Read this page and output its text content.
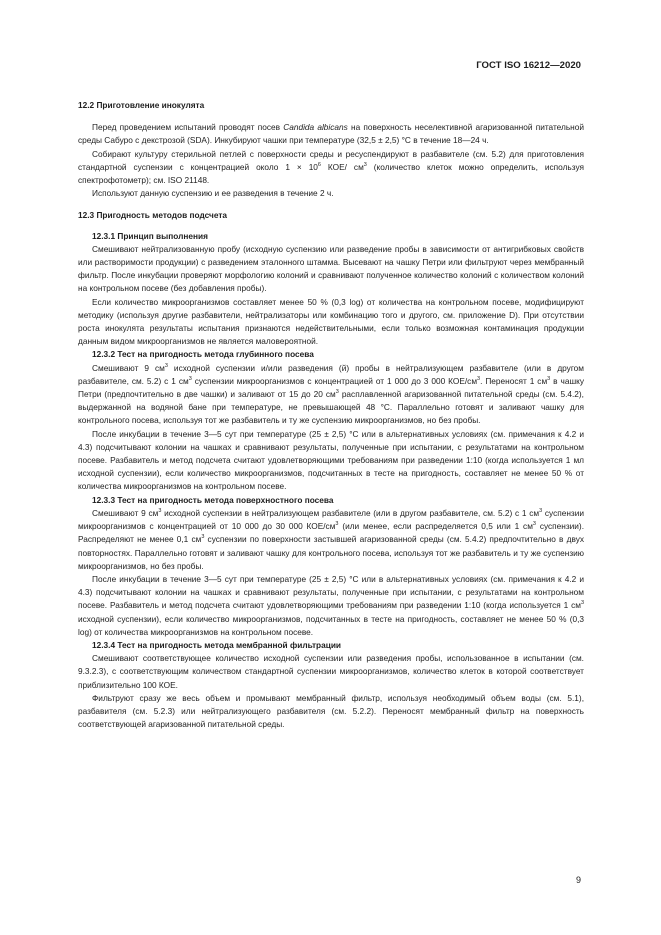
ГОСТ ISO 16212—2020
12.2 Приготовление инокулята

Перед проведением испытаний проводят посев Candida albicans на поверхность неселективной агаризованной питательной среды Сабуро с декстрозой (SDA). Инкубируют чашки при температуре (32,5 ± 2,5) °С в течение 18—24 ч.

Собирают культуру стерильной петлей с поверхности среды и ресуспендируют в разбавителе (см. 5.2) для приготовления стандартной суспензии с концентрацией около $1 \times 10^6$ КОЕ/ $см^3$ (количество клеток можно определить, используя спектрофотометр); см. ISO 21148.

Используют данную суспензию и ее разведения в течение 2 ч.

12.3 Пригодность методов подсчета

12.3.1 Принцип выполнения

Смешивают нейтрализованную пробу (исходную суспензию или разведение пробы в зависимости от антигрибковых свойств или растворимости продукции) с разведением эталонного штамма. Высевают на чашку Петри или фильтруют через мембранный фильтр. После инкубации проверяют морфологию колоний и сравнивают полученное количество колоний с количеством колоний на контрольном посеве (без добавления пробы).

Если количество микроорганизмов составляет менее 50 % (0,3 log) от количества на контрольном посеве, модифицируют методику (используя другие разбавители, нейтрализаторы или комбинацию того и другого, см. приложение D). При отсутствии роста инокулята результаты испытания признаются недействительными, если только возможная контаминация продукции данным видом микроорганизмов не является маловероятной.

12.3.2 Тест на пригодность метода глубинного посева

Смешивают 9 $см^3$ исходной суспензии и/или разведения (й) пробы в нейтрализующем разбавителе (или в другом разбавителе, см. 5.2) с 1 $см^3$ суспензии микроорганизмов с концентрацией от 1 000 до 3 000 КОЕ/$см^3$. Переносят 1 $см^3$ в чашку Петри (предпочтительно в две чашки) и заливают от 15 до 20 $см^3$ расплавленной агаризованной питательной среды (см. 5.4.2), выдержанной на водяной бане при температуре, не превышающей 48 °С. Параллельно готовят и заливают чашку для контрольного посева, используя тот же разбавитель и ту же суспензию микроорганизмов, но без пробы.

После инкубации в течение 3—5 сут при температуре (25 ± 2,5) °С или в альтернативных условиях (см. примечания к 4.2 и 4.3) подсчитывают колонии на чашках и сравнивают результаты, полученные при испытании, с результатами на контрольном посеве. Разбавитель и метод подсчета считают удовлетворяющими требованиям при разведении 1:10 (когда используется 1 мл исходной суспензии), если количество микроорганизмов, подсчитанных в тесте на пригодность, составляет не менее 50 % от количества микроорганизмов на контрольном посеве.

12.3.3 Тест на пригодность метода поверхностного посева

Смешивают 9 $см^3$ исходной суспензии в нейтрализующем разбавителе (или в другом разбавителе, см. 5.2) с 1 $см^3$ суспензии микроорганизмов с концентрацией от 10 000 до 30 000 КОЕ/$см^3$ (или менее, если распределяется 0,5 или 1 $см^3$ суспензии). Распределяют не менее 0,1 $см^3$ суспензии по поверхности застывшей агаризованной среды (см. 5.4.2) предпочтительно в двух повторностях. Параллельно готовят и заливают чашку для контрольного посева, используя тот же разбавитель и ту же суспензию микроорганизмов, но без пробы.

После инкубации в течение 3—5 сут при температуре (25 ± 2,5) °С или в альтернативных условиях (см. примечания к 4.2 и 4.3) подсчитывают колонии на чашках и сравнивают результаты, полученные при испытании, с результатами на контрольном посеве. Разбавитель и метод подсчета считают удовлетворяющими требованиям при разведении 1:10 (когда используется 1 $см^3$ исходной суспензии), если количество микроорганизмов, подсчитанных в тесте на пригодность, составляет не менее 50 % (0,3 log) от количества микроорганизмов на контрольном посеве.

12.3.4 Тест на пригодность метода мембранной фильтрации

Смешивают соответствующее количество исходной суспензии или разведения пробы, использованное в испытании (см. 9.3.2.3), с соответствующим количеством стандартной суспензии микроорганизмов, количество клеток в которой соответствует приблизительно 100 КОЕ.

Фильтруют сразу же весь объем и промывают мембранный фильтр, используя необходимый объем воды (см. 5.1), разбавителя (см. 5.2.3) или нейтрализующего разбавителя (см. 5.2.2). Переносят мембранный фильтр на поверхность соответствующей агаризованной питательной среды.

9
